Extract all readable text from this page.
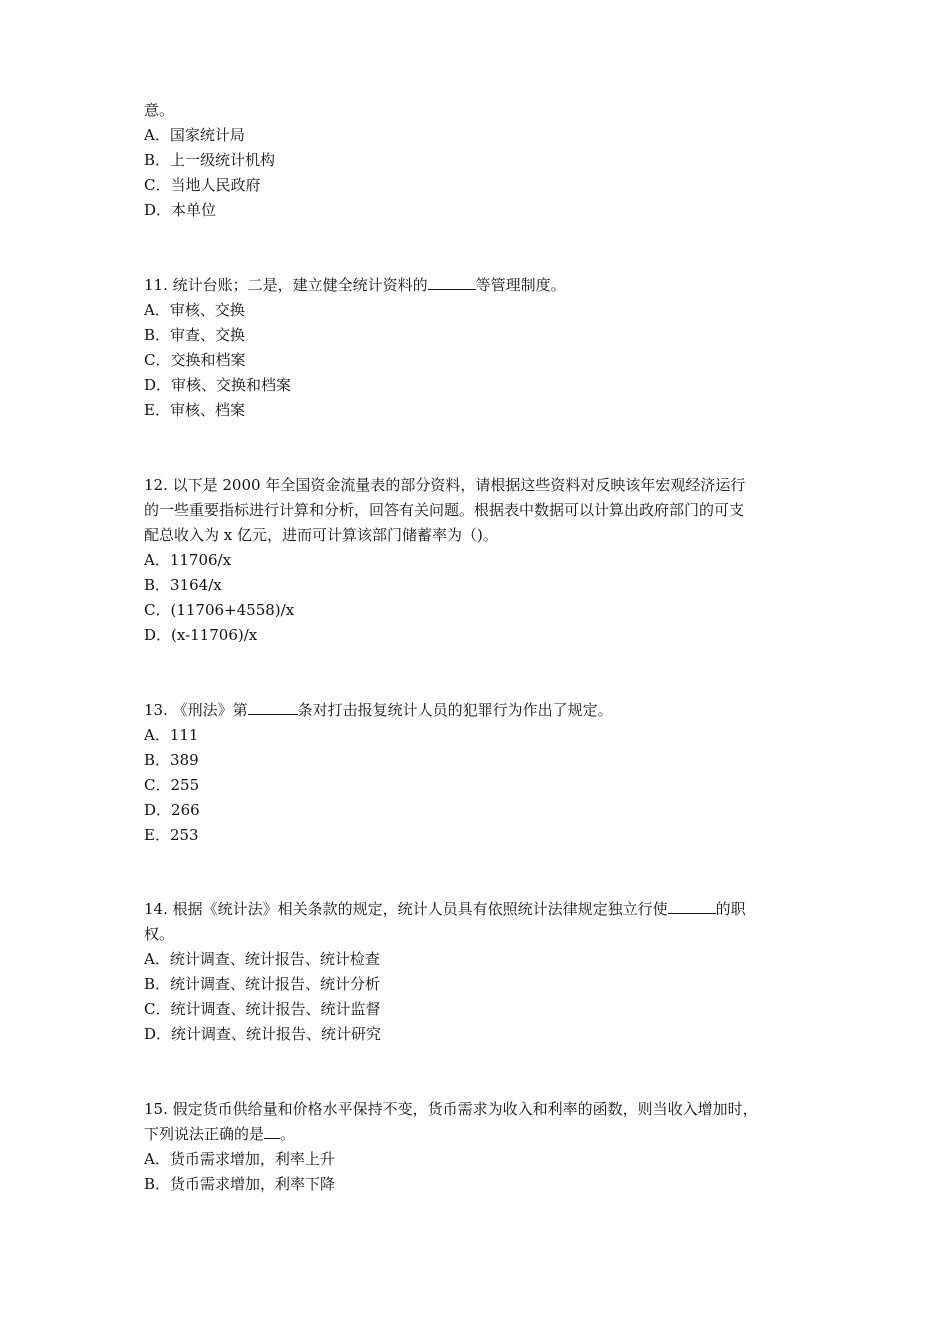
意。
A．国家统计局
B．上一级统计机构
C．当地人民政府
D．本单位
11. 统计台账；二是，建立健全统计资料的	等管理制度。
A．审核、交换
B．审查、交换
C．交换和档案
D．审核、交换和档案
E．审核、档案
12. 以下是 2000 年全国资金流量表的部分资料，请根据这些资料对反映该年宏观经济运行
的一些重要指标进行计算和分析，回答有关问题。根据表中数据可以计算出政府部门的可支
配总收入为 x 亿元，进而可计算该部门储蓄率为（)。
A．11706/x
B．3164/x
C．(11706+4558)/x
D．(x-11706)/x
13. 《刑法》第	条对打击报复统计人员的犯罪行为作出了规定。
A．111
B．389
C．255
D．266
E．253
14. 根据《统计法》相关条款的规定，统计人员具有依照统计法律规定独立行使	的职
权。
A．统计调查、统计报告、统计检查
B．统计调查、统计报告、统计分析
C．统计调查、统计报告、统计监督
D．统计调查、统计报告、统计研究
15. 假定货币供给量和价格水平保持不变，货币需求为收入和利率的函数，则当收入增加时，
下列说法正确的是 。
A．货币需求增加，利率上升
B．货币需求增加，利率下降
